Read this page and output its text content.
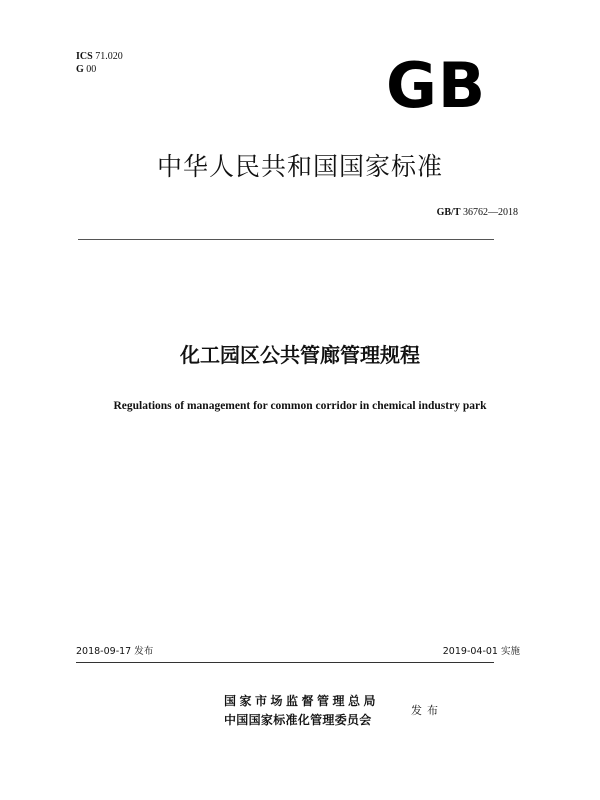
ICS 71.020
G 00	GB
中华人民共和国国家标准
GB/T 36762—2018
化工园区公共管廊管理规程
Regulations of management for common corridor in chemical industry park
2018-09-17 发布	2019-04-01 实施
国家市场监督管理总局
中国国家标准化管理委员会
发布
